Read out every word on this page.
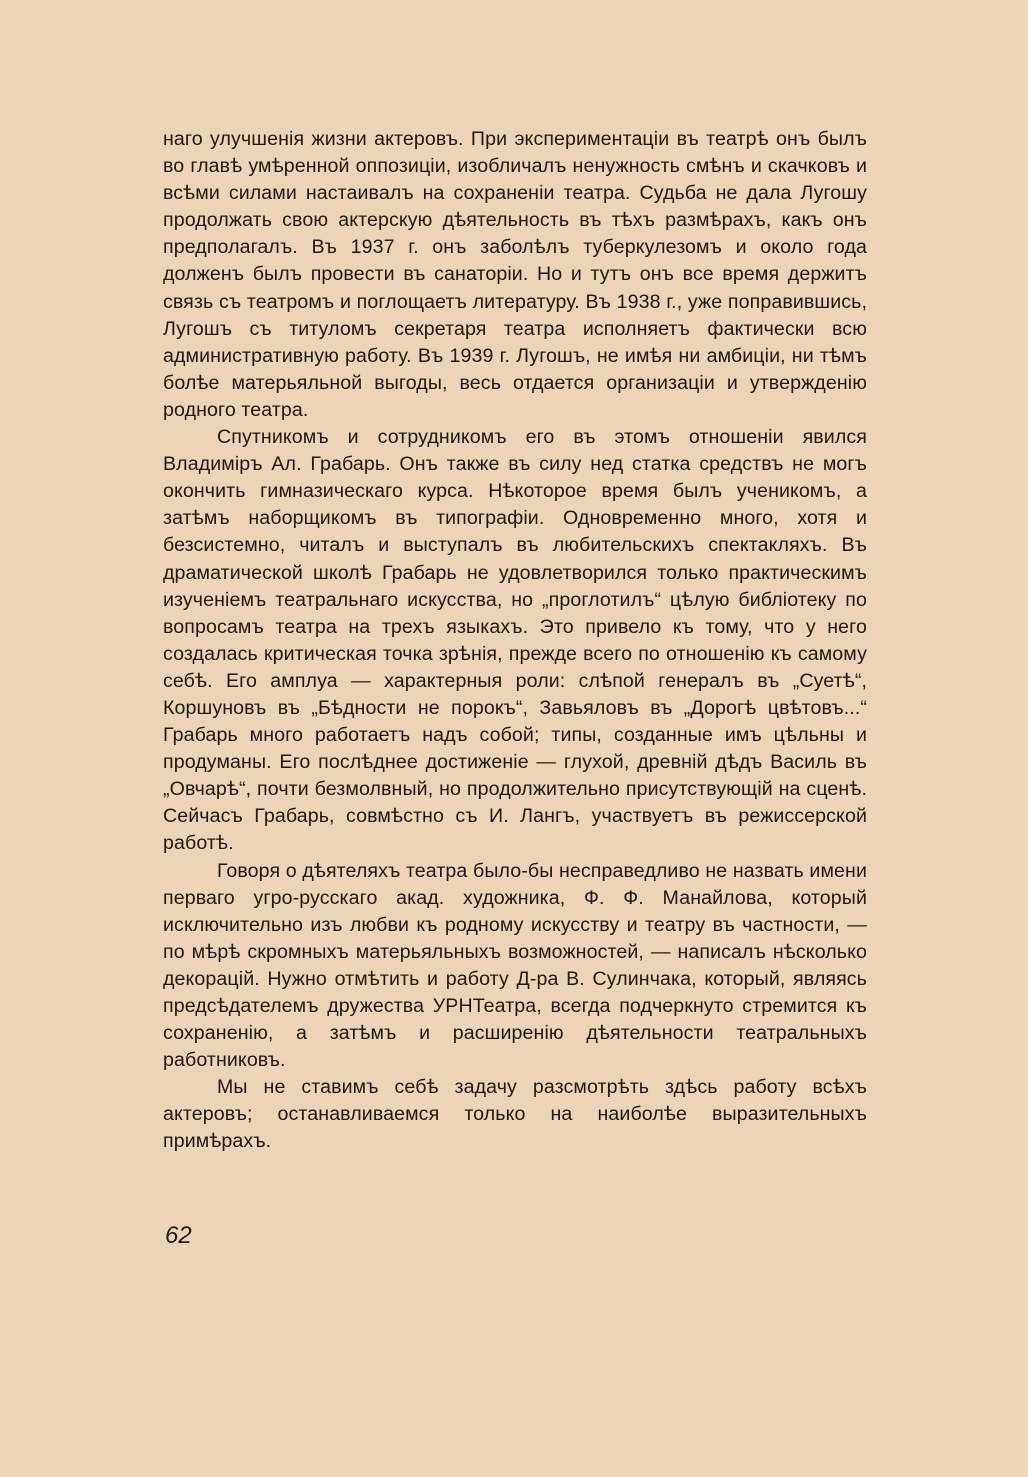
наго улучшенія жизни актеровъ. При экспериментаціи въ театрѣ онъ былъ во главѣ умѣренной оппозиціи, изобличалъ ненужность смѣнъ и скачковъ и всѣми силами настаивалъ на сохраненіи театра. Судьба не дала Лугошу продолжать свою актерскую дѣятельность въ тѣхъ размѣрахъ, какъ онъ предполагалъ. Въ 1937 г. онъ заболѣлъ туберкулезомъ и около года долженъ былъ провести въ санаторіи. Но и тутъ онъ все время держитъ связь съ театромъ и поглощаетъ литературу. Въ 1938 г., уже поправившись, Лугошъ съ титуломъ секретаря театра исполняетъ фактически всю административную работу. Въ 1939 г. Лугошъ, не имѣя ни амбиціи, ни тѣмъ болѣе матерьяльной выгоды, весь отдается организаціи и утвержденію родного театра.

Спутникомъ и сотрудникомъ его въ этомъ отношеніи явился Владиміръ Ал. Грабарь. Онъ также въ силу нед статка средствъ не могъ окончить гимназическаго курса. Нѣкоторое время былъ ученикомъ, а затѣмъ наборщикомъ въ типографіи. Одновременно много, хотя и безсистемно, читалъ и выступалъ въ любительскихъ спектакляхъ. Въ драматической школѣ Грабарь не удовлетворился только практическимъ изученіемъ театральнаго искусства, но „проглотилъ“ цѣлую библіотеку по вопросамъ театра на трехъ языкахъ. Это привело къ тому, что у него создалась критическая точка зрѣнія, прежде всего по отношенію къ самому себѣ. Его амплуа — характерныя роли: слѣпой генералъ въ „Суетѣ“, Коршуновъ въ „Бѣдности не порокъ“, Завьяловъ въ „Дорогѣ цвѣтовъ...“ Грабарь много работаетъ надъ собой; типы, созданные имъ цѣльны и продуманы. Его послѣднее достиженіе — глухой, древній дѣдъ Василь въ „Овчарѣ“, почти безмолвный, но продолжительно присутствующій на сценѣ. Сейчасъ Грабарь, совмѣстно съ И. Лангъ, участвуетъ въ режиссерской работѣ.

Говоря о дѣятеляхъ театра было-бы несправедливо не назвать имени перваго угро-русскаго акад. художника, Ф. Ф. Манайлова, который исключительно изъ любви къ родному искусству и театру въ частности, — по мѣрѣ скромныхъ матерьяльныхъ возможностей, — написалъ нѣсколько декорацій. Нужно отмѣтить и работу Д-ра В. Сулинчака, который, являясь предсѣдателемъ дружества УРНТеатра, всегда подчеркнуто стремится къ сохраненію, а затѣмъ и расширенію дѣятельности театральныхъ работниковъ.

Мы не ставимъ себѣ задачу разсмотрѣть здѣсь работу всѣхъ актеровъ; останавливаемся только на наиболѣе выразительныхъ примѣрахъ.

62
